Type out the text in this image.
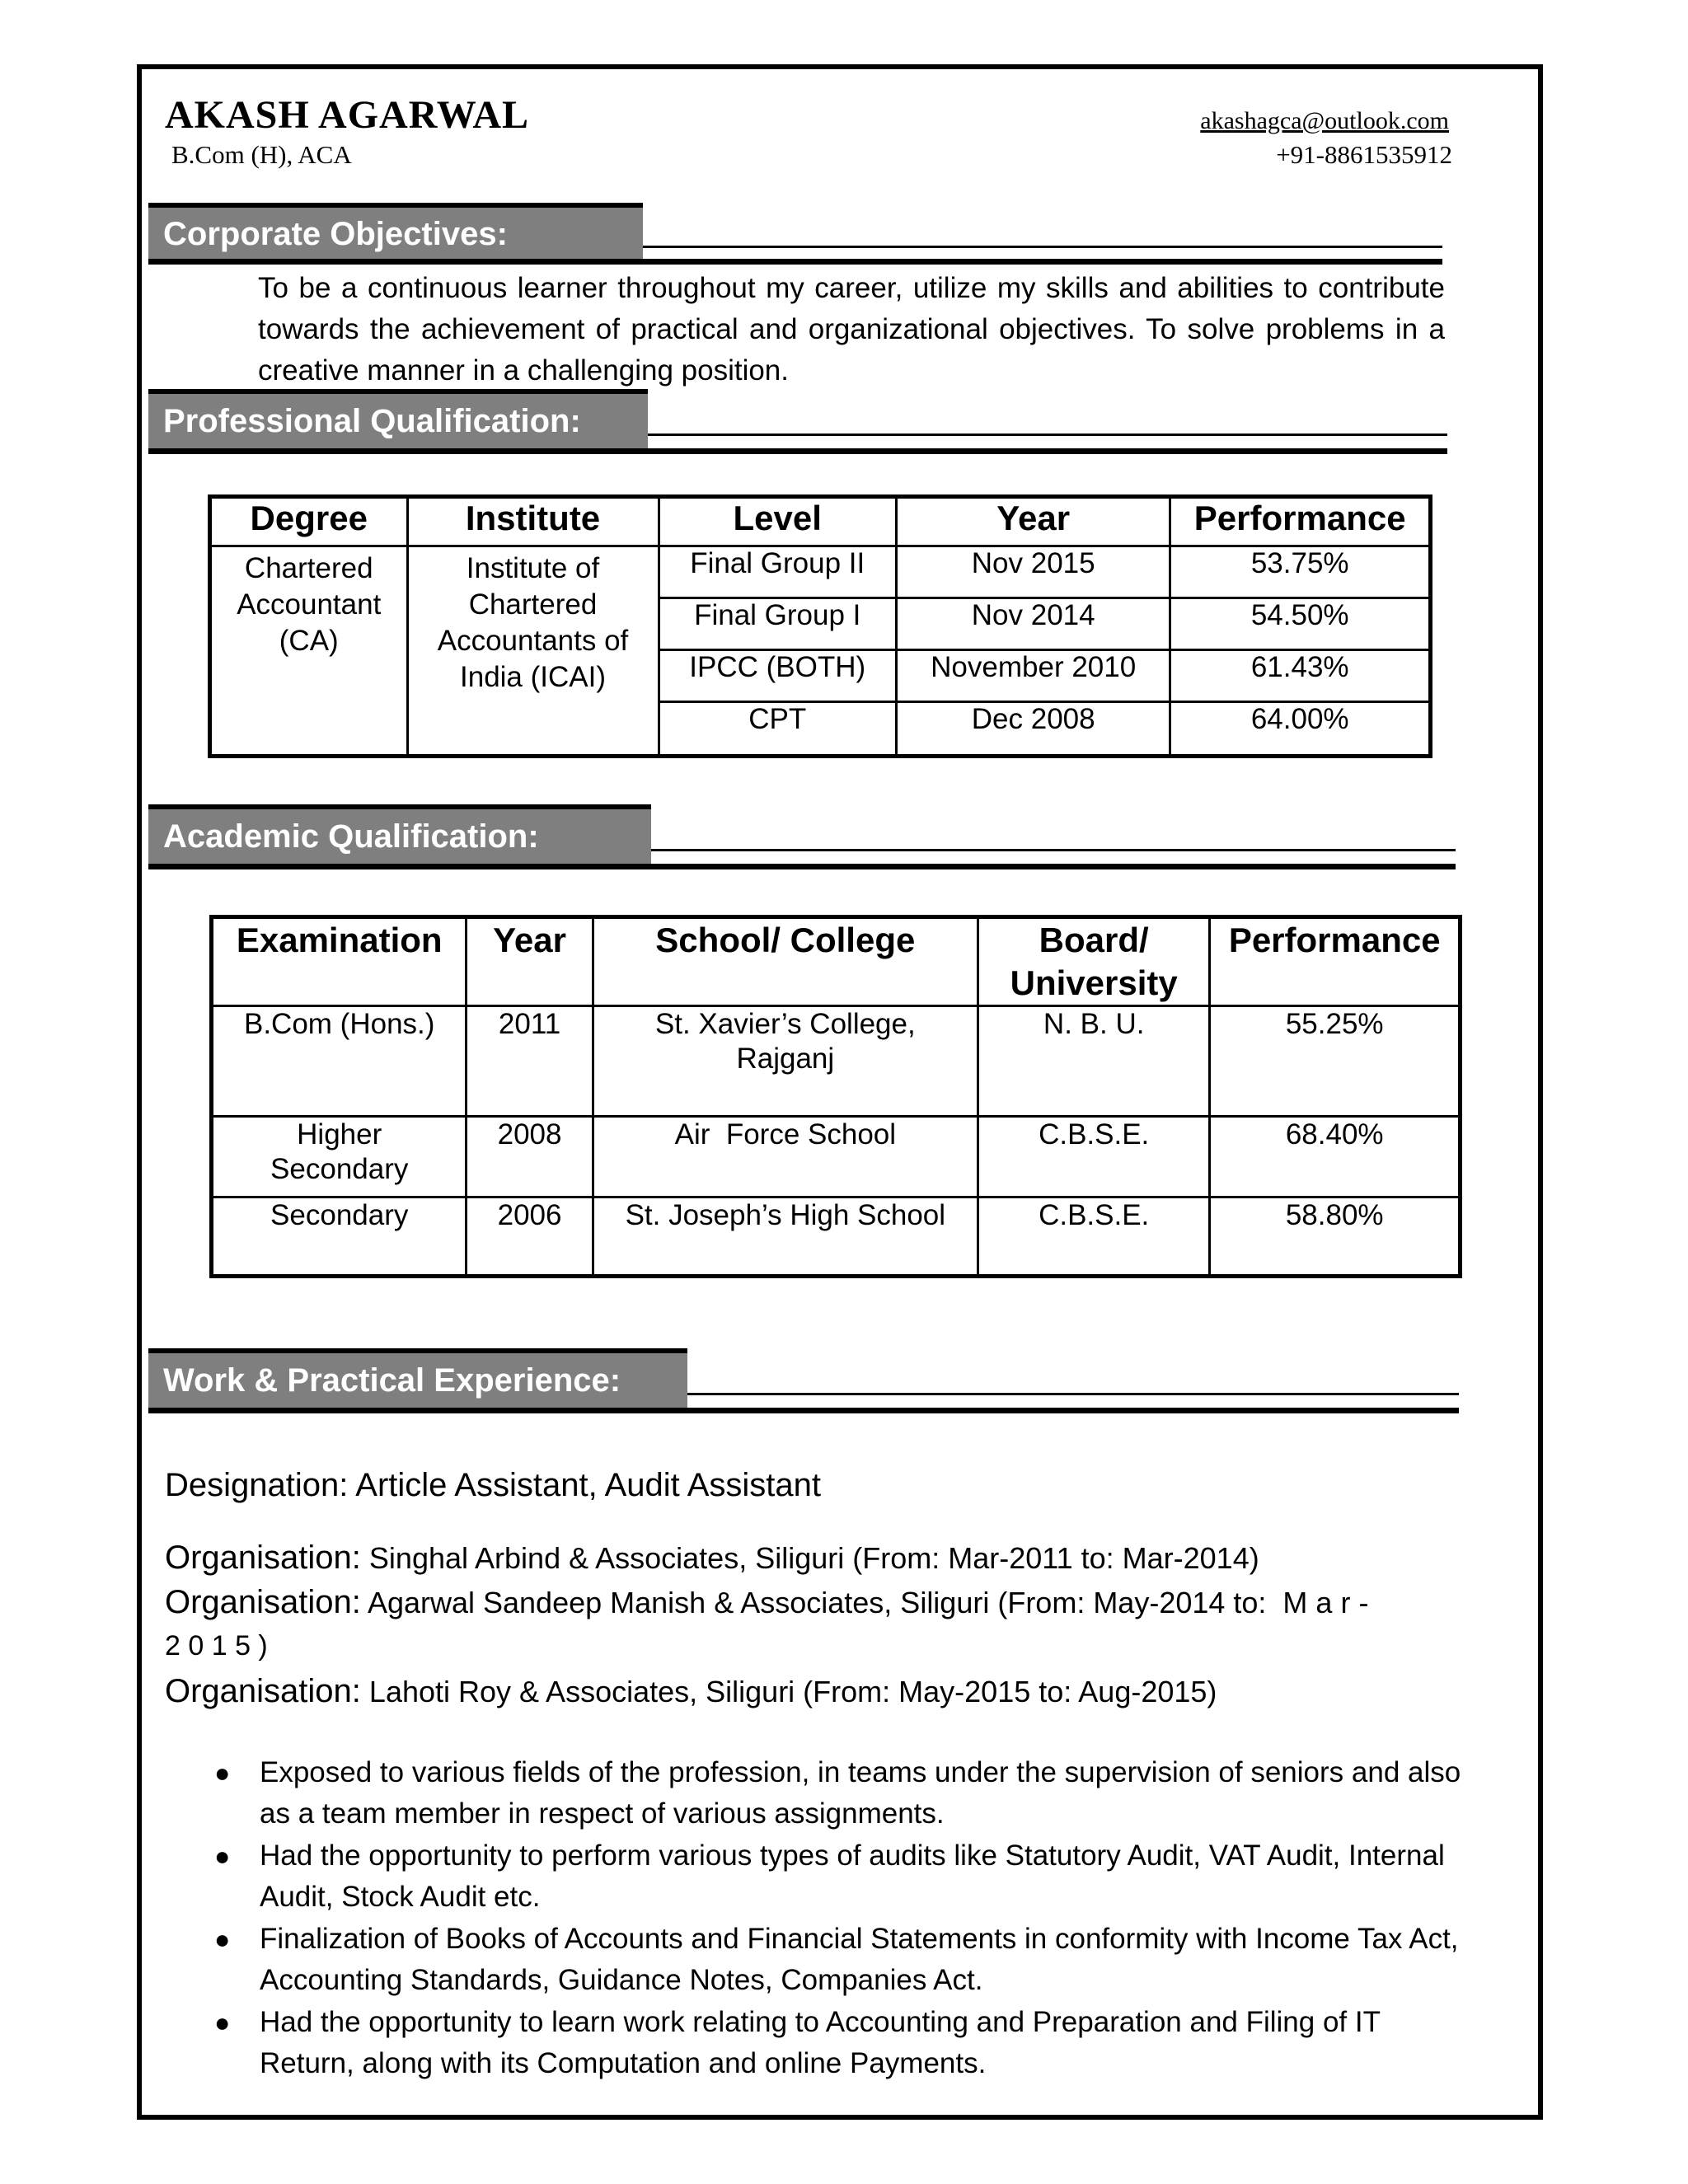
AKASH AGARWAL
B.Com (H), ACA
akashagca@outlook.com
+91-8861535912
Corporate Objectives:
To be a continuous learner throughout my career, utilize my skills and abilities to contribute towards the achievement of practical and organizational objectives. To solve problems in a creative manner in a challenging position.
Professional Qualification:
Degree	Institute	Level	Year	Performance
Chartered Accountant (CA)	Institute of Chartered Accountants of India (ICAI)	Final Group II	Nov 2015	53.75%
		Final Group I	Nov 2014	54.50%
		IPCC (BOTH)	November 2010	61.43%
		CPT	Dec 2008	64.00%
Academic Qualification:
Examination	Year	School/ College	Board/ University	Performance
B.Com (Hons.)	2011	St. Xavier’s College, Rajganj	N. B. U.	55.25%
Higher Secondary	2008	Air  Force School	C.B.S.E.	68.40%
Secondary	2006	St. Joseph’s High School	C.B.S.E.	58.80%
Work & Practical Experience:
Designation: Article Assistant, Audit Assistant
Organisation: Singhal Arbind & Associates, Siliguri (From: Mar-2011 to: Mar-2014)
Organisation: Agarwal Sandeep Manish & Associates, Siliguri (From: May-2014 to:  M a r -
2 0 1 5 )
Organisation: Lahoti Roy & Associates, Siliguri (From: May-2015 to: Aug-2015)
● Exposed to various fields of the profession, in teams under the supervision of seniors and also as a team member in respect of various assignments.
● Had the opportunity to perform various types of audits like Statutory Audit, VAT Audit, Internal Audit, Stock Audit etc.
● Finalization of Books of Accounts and Financial Statements in conformity with Income Tax Act, Accounting Standards, Guidance Notes, Companies Act.
● Had the opportunity to learn work relating to Accounting and Preparation and Filing of IT Return, along with its Computation and online Payments.
